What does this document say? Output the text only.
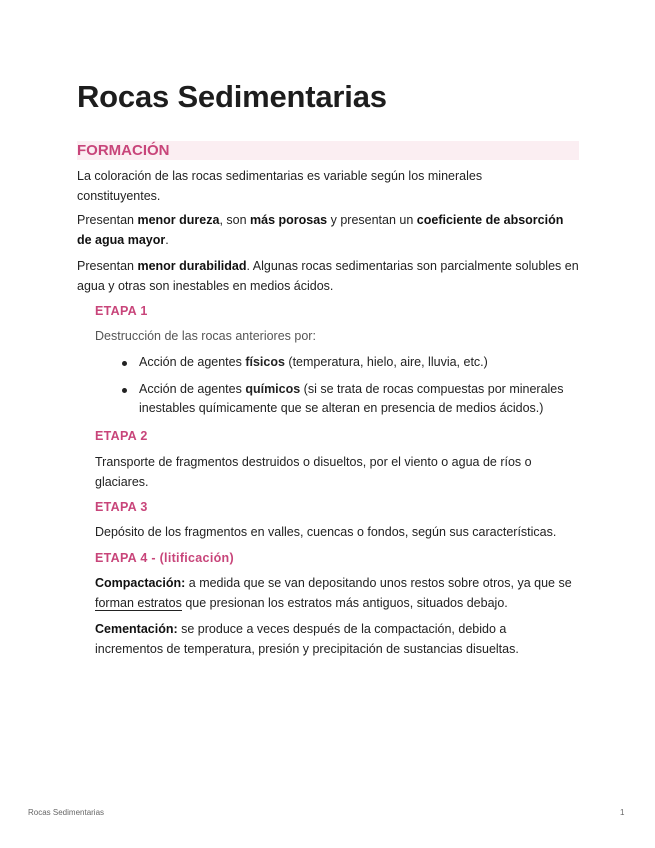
Rocas Sedimentarias
FORMACIÓN

La coloración de las rocas sedimentarias es variable según los minerales constituyentes.

Presentan menor dureza, son más porosas y presentan un coeficiente de absorción de agua mayor.

Presentan menor durabilidad. Algunas rocas sedimentarias son parcialmente solubles en agua y otras son inestables en medios ácidos.

ETAPA 1

Destrucción de las rocas anteriores por:

Acción de agentes físicos (temperatura, hielo, aire, lluvia, etc.)
Acción de agentes químicos (si se trata de rocas compuestas por minerales inestables químicamente que se alteran en presencia de medios ácidos.)
ETAPA 2

Transporte de fragmentos destruidos o disueltos, por el viento o agua de ríos o glaciares.

ETAPA 3

Depósito de los fragmentos en valles, cuencas o fondos, según sus características.

ETAPA 4 - (litificación)

Compactación: a medida que se van depositando unos restos sobre otros, ya que se forman estratos que presionan los estratos más antiguos, situados debajo.

Cementación: se produce a veces después de la compactación, debido a incrementos de temperatura, presión y precipitación de sustancias disueltas.

Rocas Sedimentarias	1
